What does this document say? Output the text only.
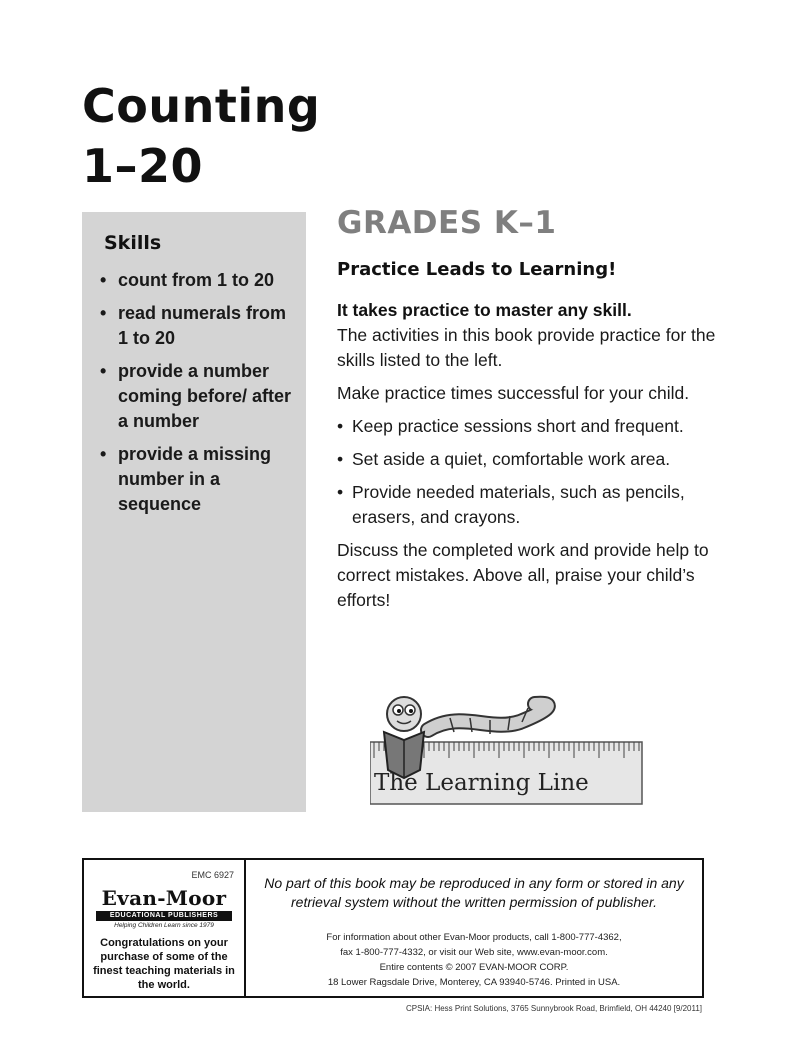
Counting
1–20
Skills
• count from 1 to 20
• read numerals from 1 to 20
• provide a number coming before/ after a number
• provide a missing number in a sequence
GRADES K–1
Practice Leads to Learning!

It takes practice to master any skill.
The activities in this book provide practice for the skills listed to the left.

Make practice times successful for your child.

• Keep practice sessions short and frequent.
• Set aside a quiet, comfortable work area.
• Provide needed materials, such as pencils, erasers, and crayons.

Discuss the completed work and provide help to correct mistakes. Above all, praise your child’s efforts!

The Learning Line
EMC 6927
Evan-Moor
EDUCATIONAL PUBLISHERS
Helping Children Learn since 1979
Congratulations on your purchase of some of the finest teaching materials in the world.
No part of this book may be reproduced in any form or stored in any retrieval system without the written permission of publisher.
For information about other Evan-Moor products, call 1-800-777-4362,
fax 1-800-777-4332, or visit our Web site, www.evan-moor.com.
Entire contents © 2007 EVAN-MOOR CORP.
18 Lower Ragsdale Drive, Monterey, CA 93940-5746. Printed in USA.
CPSIA: Hess Print Solutions, 3765 Sunnybrook Road, Brimfield, OH 44240 [9/2011]
